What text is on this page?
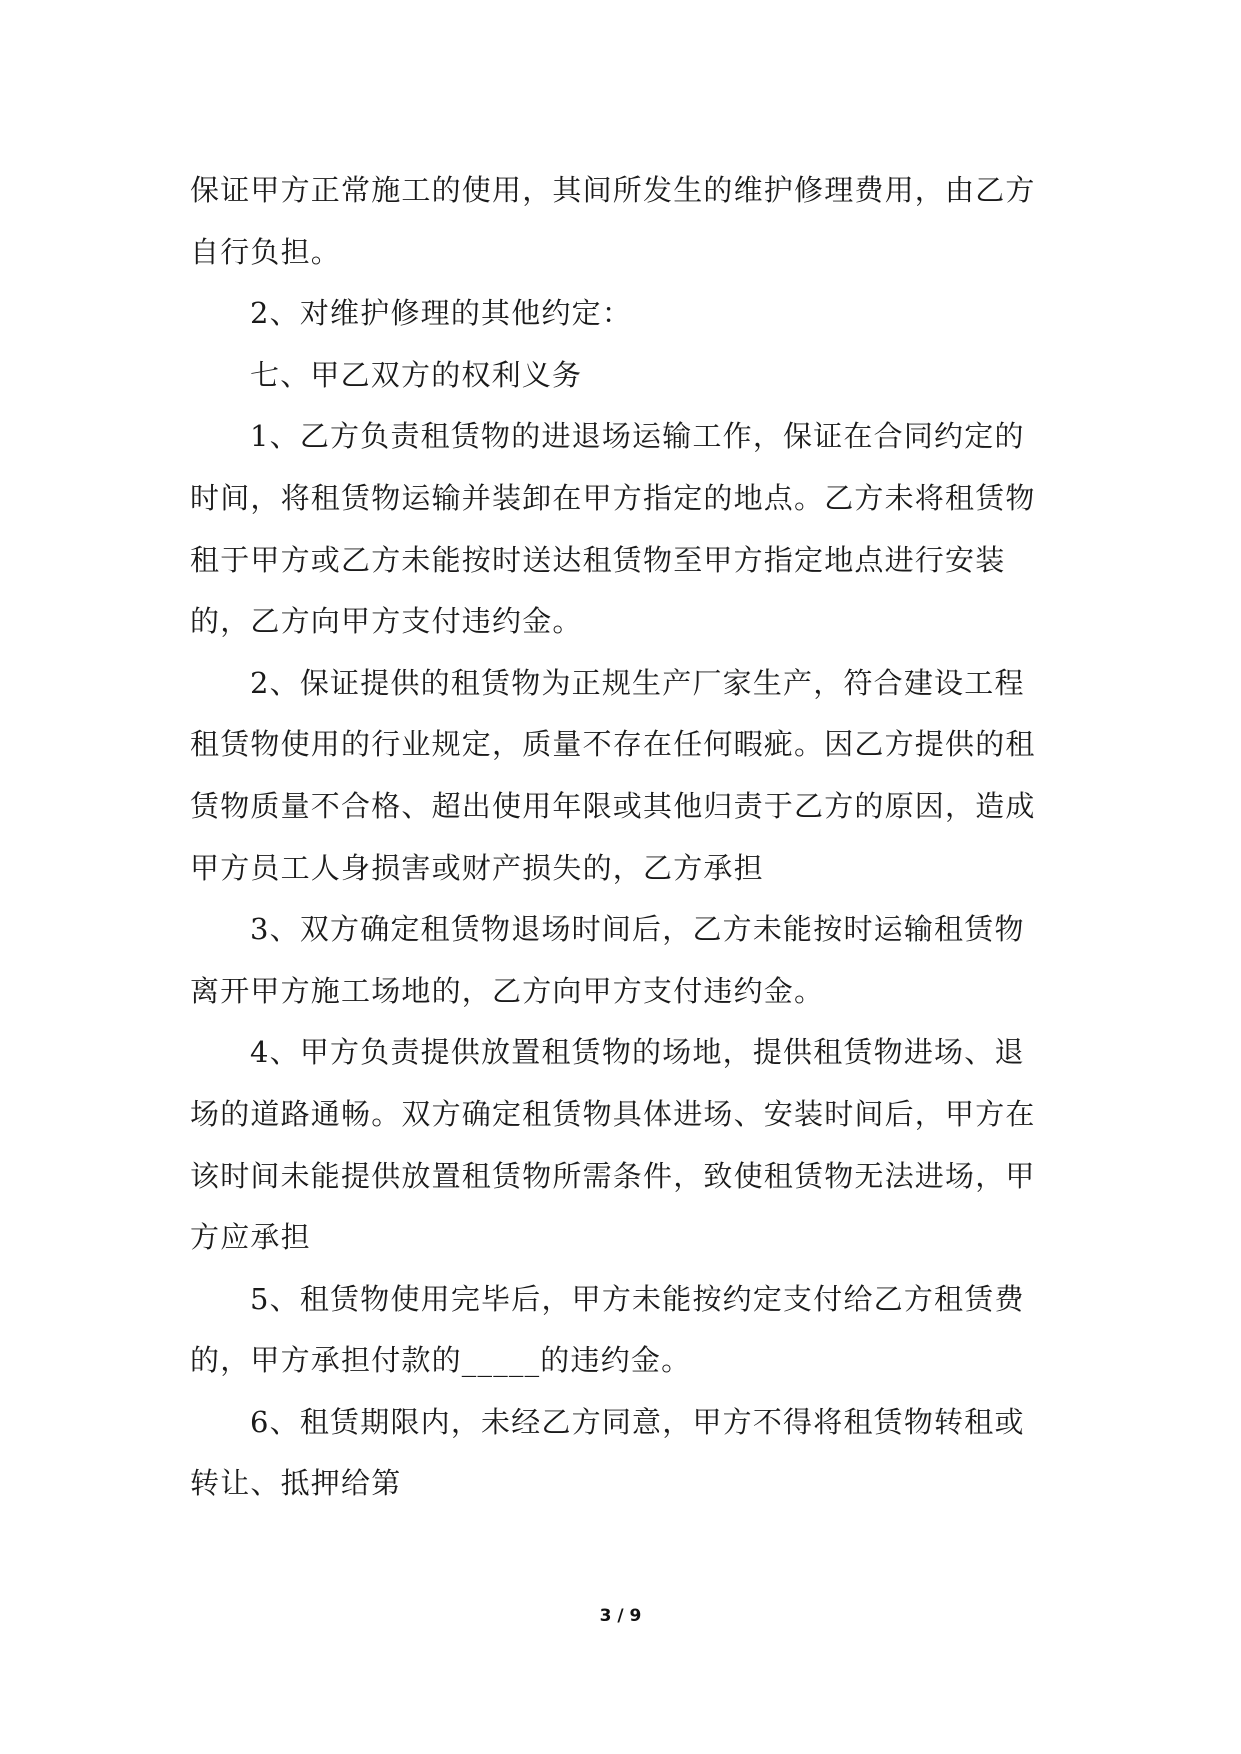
保证甲方正常施工的使用，其间所发生的维护修理费用，由乙方
自行负担。
2、对维护修理的其他约定：
七、甲乙双方的权利义务
1、乙方负责租赁物的进退场运输工作，保证在合同约定的
时间，将租赁物运输并装卸在甲方指定的地点。乙方未将租赁物
租于甲方或乙方未能按时送达租赁物至甲方指定地点进行安装
的，乙方向甲方支付违约金。
2、保证提供的租赁物为正规生产厂家生产，符合建设工程
租赁物使用的行业规定，质量不存在任何暇疵。因乙方提供的租
赁物质量不合格、超出使用年限或其他归责于乙方的原因，造成
甲方员工人身损害或财产损失的，乙方承担
3、双方确定租赁物退场时间后，乙方未能按时运输租赁物
离开甲方施工场地的，乙方向甲方支付违约金。
4、甲方负责提供放置租赁物的场地，提供租赁物进场、退
场的道路通畅。双方确定租赁物具体进场、安装时间后，甲方在
该时间未能提供放置租赁物所需条件，致使租赁物无法进场，甲
方应承担
5、租赁物使用完毕后，甲方未能按约定支付给乙方租赁费
的，甲方承担付款的_____的违约金。
6、租赁期限内，未经乙方同意，甲方不得将租赁物转租或
转让、抵押给第
3 / 9
